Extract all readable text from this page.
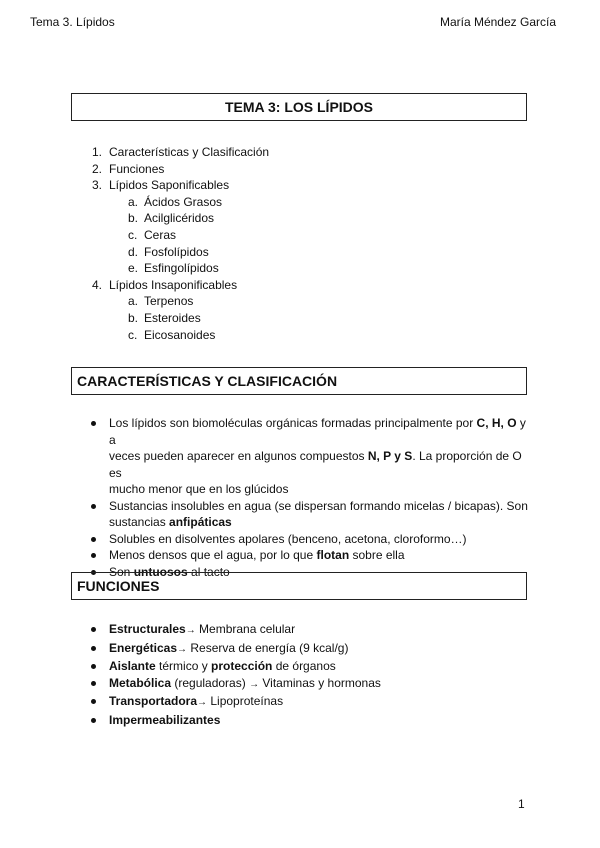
Tema 3. Lípidos	María Méndez García
TEMA 3: LOS LÍPIDOS
1. Características y Clasificación
2. Funciones
3. Lípidos Saponificables
a. Ácidos Grasos
b. Acilglicéridos
c. Ceras
d. Fosfolípidos
e. Esfingolípidos
4. Lípidos Insaponificables
a. Terpenos
b. Esteroides
c. Eicosanoides
CARACTERÍSTICAS Y CLASIFICACIÓN
Los lípidos son biomoléculas orgánicas formadas principalmente por C, H, O y a
veces pueden aparecer en algunos compuestos N, P y S. La proporción de O es
mucho menor que en los glúcidos
Sustancias insolubles en agua (se dispersan formando micelas / bicapas). Son
sustancias anfipáticas
Solubles en disolventes apolares (benceno, acetona, cloroformo…)
Menos densos que el agua, por lo que flotan sobre ella
Son untuosos al tacto
FUNCIONES
Estructurales→ Membrana celular
Energéticas→ Reserva de energía (9 kcal/g)
Aislante térmico y protección de órganos
Metabólica (reguladoras) → Vitaminas y hormonas
Transportadora→ Lipoproteínas
Impermeabilizantes
1
